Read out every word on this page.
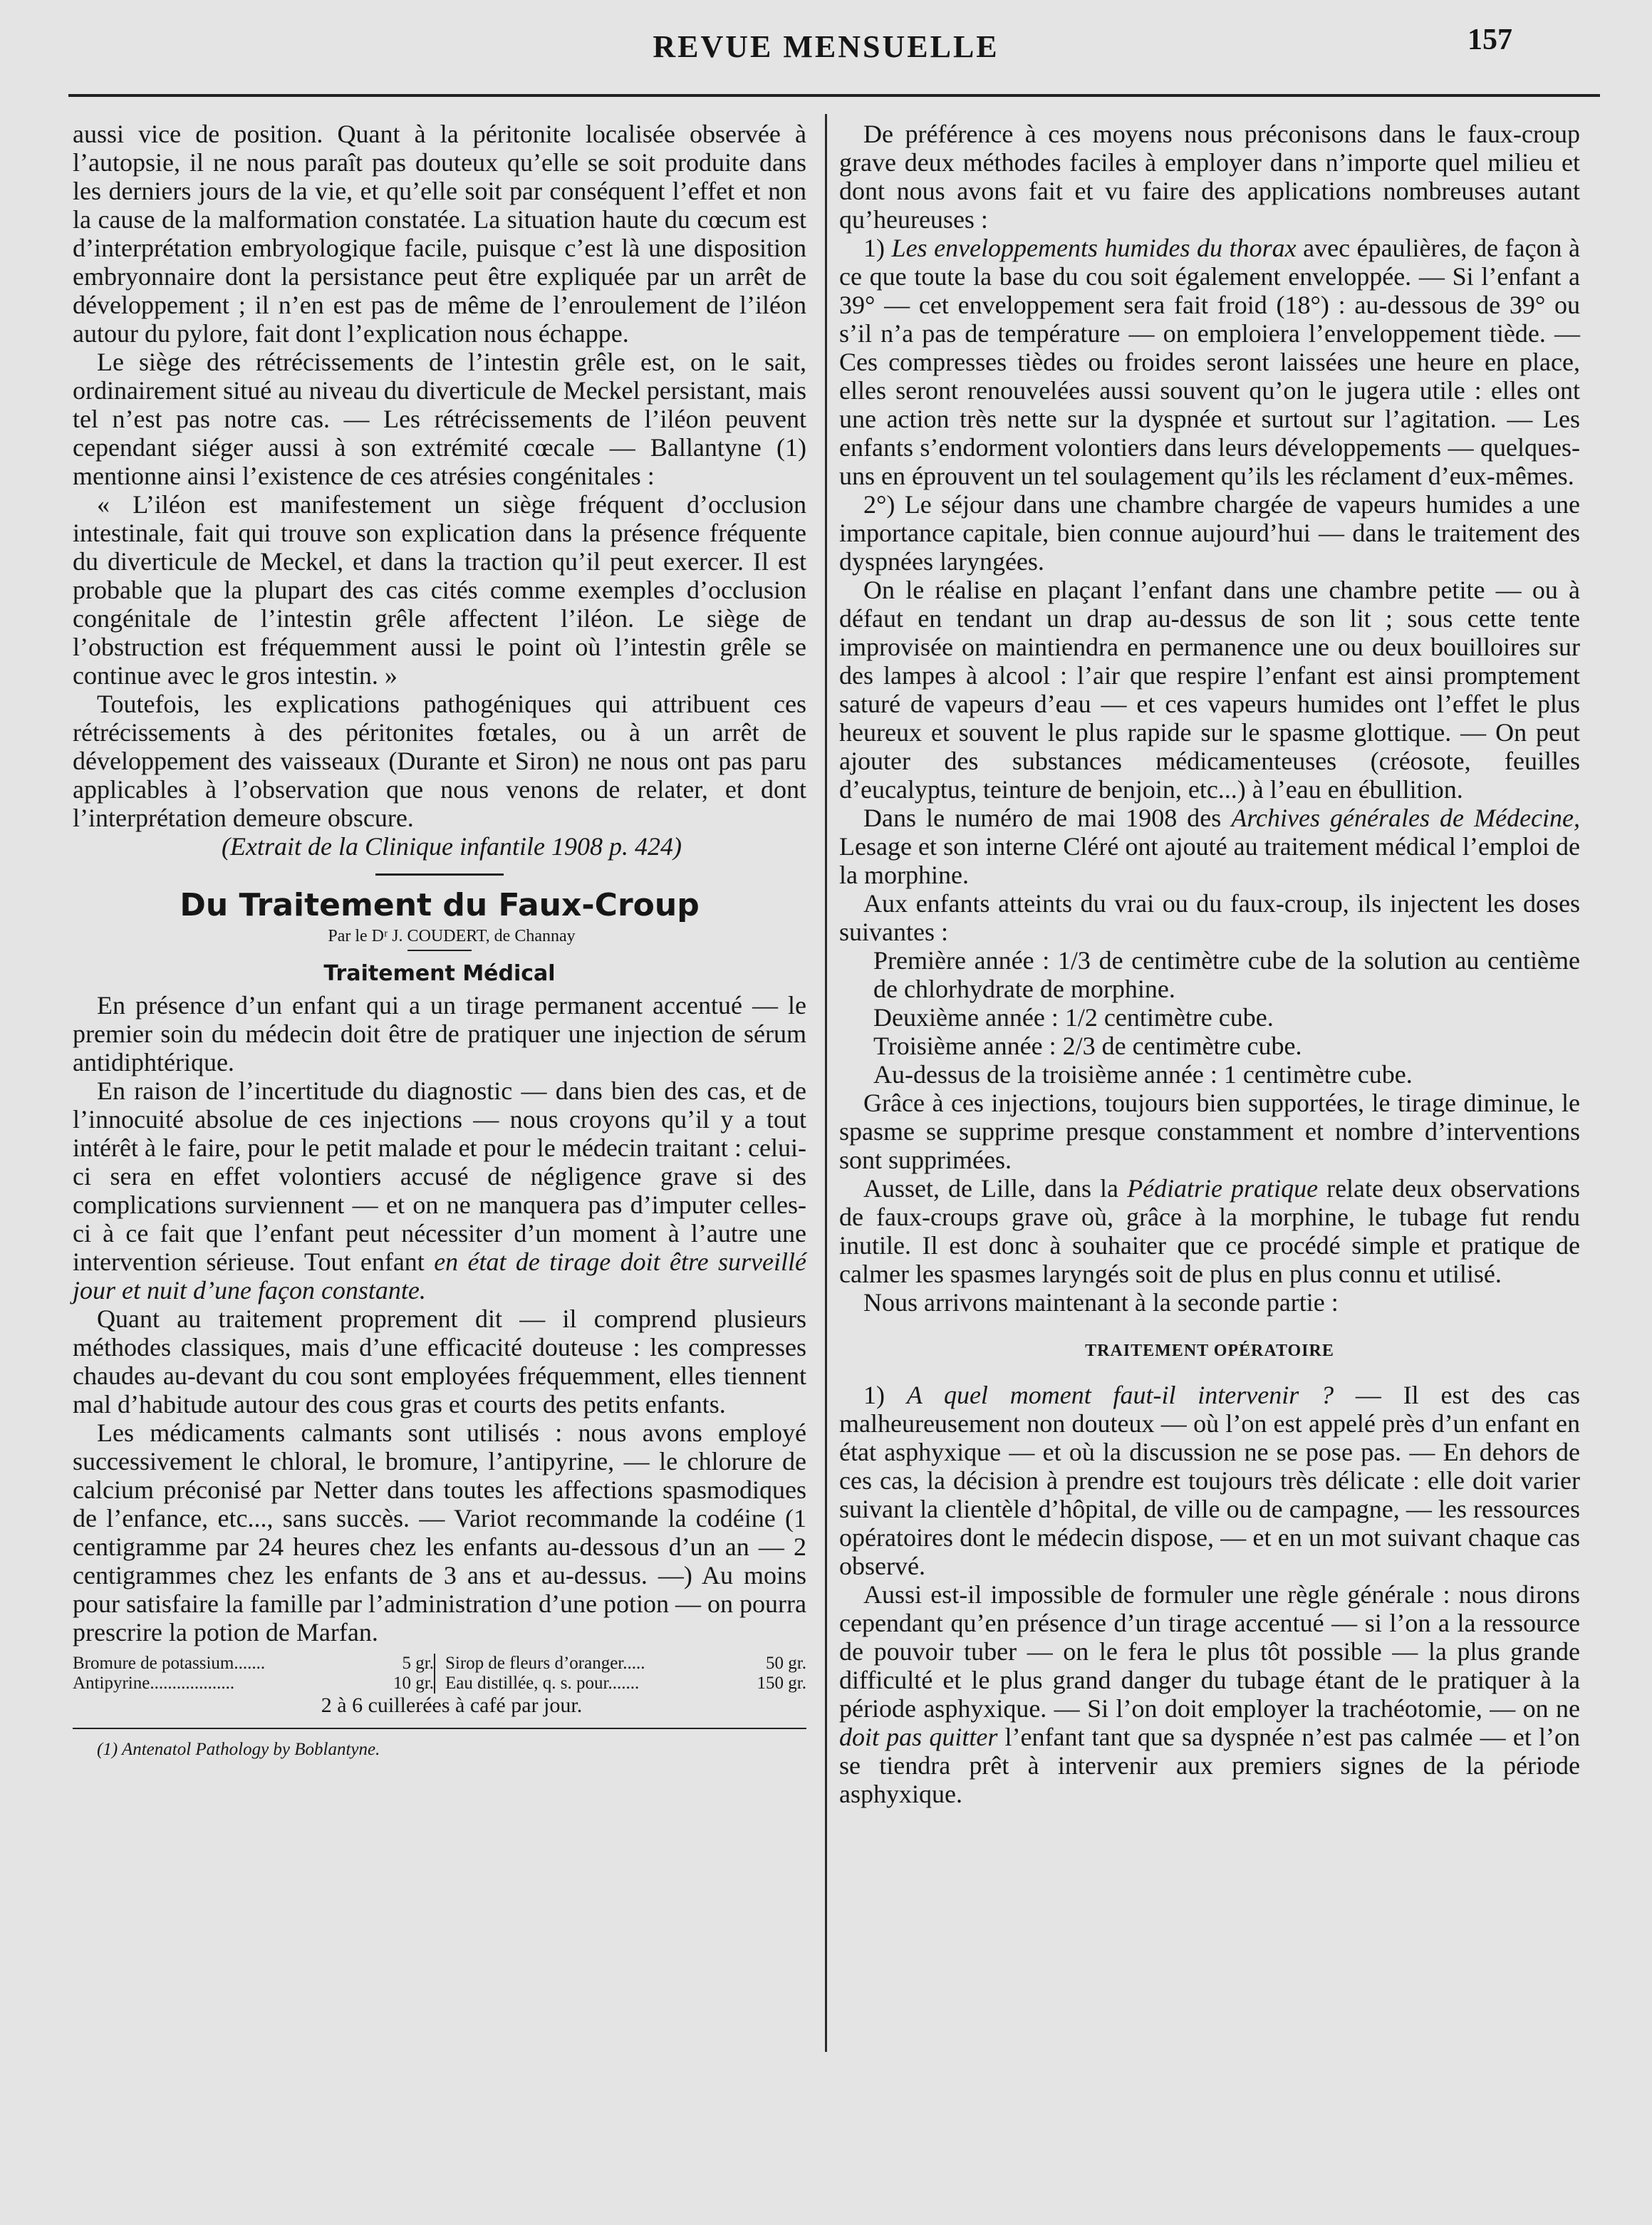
REVUE MENSUELLE	157

aussi vice de position. Quant à la péritonite localisée observée à l’autopsie, il ne nous paraît pas douteux qu’elle se soit produite dans les derniers jours de la vie, et qu’elle soit par conséquent l’effet et non la cause de la malformation constatée. La situation haute du cœcum est d’interprétation embryologique facile, puisque c’est là une disposition embryonnaire dont la persistance peut être expliquée par un arrêt de développement ; il n’en est pas de même de l’enroulement de l’iléon autour du pylore, fait dont l’explication nous échappe.

Le siège des rétrécissements de l’intestin grêle est, on le sait, ordinairement situé au niveau du diverticule de Meckel persistant, mais tel n’est pas notre cas. — Les rétrécissements de l’iléon peuvent cependant siéger aussi à son extrémité cœcale — Ballantyne (1) mentionne ainsi l’existence de ces atrésies congénitales :

« L’iléon est manifestement un siège fréquent d’occlusion intestinale, fait qui trouve son explication dans la présence fréquente du diverticule de Meckel, et dans la traction qu’il peut exercer. Il est probable que la plupart des cas cités comme exemples d’occlusion congénitale de l’intestin grêle affectent l’iléon. Le siège de l’obstruction est fréquemment aussi le point où l’intestin grêle se continue avec le gros intestin. »

Toutefois, les explications pathogéniques qui attribuent ces rétrécissements à des péritonites fœtales, ou à un arrêt de développement des vaisseaux (Durante et Siron) ne nous ont pas paru applicables à l’observation que nous venons de relater, et dont l’interprétation demeure obscure.

(Extrait de la Clinique infantile 1908 p. 424)

Du Traitement du Faux-Croup

Par le Dʳ J. COUDERT, de Channay

Traitement Médical

En présence d’un enfant qui a un tirage permanent accentué — le premier soin du médecin doit être de pratiquer une injection de sérum antidiphtérique.

En raison de l’incertitude du diagnostic — dans bien des cas, et de l’innocuité absolue de ces injections — nous croyons qu’il y a tout intérêt à le faire, pour le petit malade et pour le médecin traitant : celui-ci sera en effet volontiers accusé de négligence grave si des complications surviennent — et on ne manquera pas d’imputer celles-ci à ce fait que l’enfant peut nécessiter d’un moment à l’autre une intervention sérieuse. Tout enfant en état de tirage doit être surveillé jour et nuit d’une façon constante.

Quant au traitement proprement dit — il comprend plusieurs méthodes classiques, mais d’une efficacité douteuse : les compresses chaudes au-devant du cou sont employées fréquemment, elles tiennent mal d’habitude autour des cous gras et courts des petits enfants.

Les médicaments calmants sont utilisés : nous avons employé successivement le chloral, le bromure, l’antipyrine, — le chlorure de calcium préconisé par Netter dans toutes les affections spasmodiques de l’enfance, etc..., sans succès. — Variot recommande la codéine (1 centigramme par 24 heures chez les enfants au-dessous d’un an — 2 centigrammes chez les enfants de 3 ans et au-dessus. —) Au moins pour satisfaire la famille par l’administration d’une potion — on pourra prescrire la potion de Marfan.

Bromure de potassium.......	5 gr.
Antipyrine...................	10 gr.
Sirop de fleurs d’oranger.....	50 gr.
Eau distillée, q. s. pour.......	150 gr.

2 à 6 cuillerées à café par jour.

(1) Antenatol Pathology by Boblantyne.

De préférence à ces moyens nous préconisons dans le faux-croup grave deux méthodes faciles à employer dans n’importe quel milieu et dont nous avons fait et vu faire des applications nombreuses autant qu’heureuses :

1) Les enveloppements humides du thorax avec épaulières, de façon à ce que toute la base du cou soit également enveloppée. — Si l’enfant a 39° — cet enveloppement sera fait froid (18°) : au-dessous de 39° ou s’il n’a pas de température — on emploiera l’enveloppement tiède. — Ces compresses tièdes ou froides seront laissées une heure en place, elles seront renouvelées aussi souvent qu’on le jugera utile : elles ont une action très nette sur la dyspnée et surtout sur l’agitation. — Les enfants s’endorment volontiers dans leurs développements — quelques-uns en éprouvent un tel soulagement qu’ils les réclament d’eux-mêmes.

2°) Le séjour dans une chambre chargée de vapeurs humides a une importance capitale, bien connue aujourd’hui — dans le traitement des dyspnées laryngées.

On le réalise en plaçant l’enfant dans une chambre petite — ou à défaut en tendant un drap au-dessus de son lit ; sous cette tente improvisée on maintiendra en permanence une ou deux bouilloires sur des lampes à alcool : l’air que respire l’enfant est ainsi promptement saturé de vapeurs d’eau — et ces vapeurs humides ont l’effet le plus heureux et souvent le plus rapide sur le spasme glottique. — On peut ajouter des substances médicamenteuses (créosote, feuilles d’eucalyptus, teinture de benjoin, etc...) à l’eau en ébullition.

Dans le numéro de mai 1908 des Archives générales de Médecine, Lesage et son interne Cléré ont ajouté au traitement médical l’emploi de la morphine.

Aux enfants atteints du vrai ou du faux-croup, ils injectent les doses suivantes :

Première année : 1/3 de centimètre cube de la solution au centième de chlorhydrate de morphine.

Deuxième année : 1/2 centimètre cube.

Troisième année : 2/3 de centimètre cube.

Au-dessus de la troisième année : 1 centimètre cube.

Grâce à ces injections, toujours bien supportées, le tirage diminue, le spasme se supprime presque constamment et nombre d’interventions sont supprimées.

Ausset, de Lille, dans la Pédiatrie pratique relate deux observations de faux-croups grave où, grâce à la morphine, le tubage fut rendu inutile. Il est donc à souhaiter que ce procédé simple et pratique de calmer les spasmes laryngés soit de plus en plus connu et utilisé.

Nous arrivons maintenant à la seconde partie :

TRAITEMENT OPÉRATOIRE

1) A quel moment faut-il intervenir ? — Il est des cas malheureusement non douteux — où l’on est appelé près d’un enfant en état asphyxique — et où la discussion ne se pose pas. — En dehors de ces cas, la décision à prendre est toujours très délicate : elle doit varier suivant la clientèle d’hôpital, de ville ou de campagne, — les ressources opératoires dont le médecin dispose, — et en un mot suivant chaque cas observé.

Aussi est-il impossible de formuler une règle générale : nous dirons cependant qu’en présence d’un tirage accentué — si l’on a la ressource de pouvoir tuber — on le fera le plus tôt possible — la plus grande difficulté et le plus grand danger du tubage étant de le pratiquer à la période asphyxique. — Si l’on doit employer la trachéotomie, — on ne doit pas quitter l’enfant tant que sa dyspnée n’est pas calmée — et l’on se tiendra prêt à intervenir aux premiers signes de la période asphyxique.
